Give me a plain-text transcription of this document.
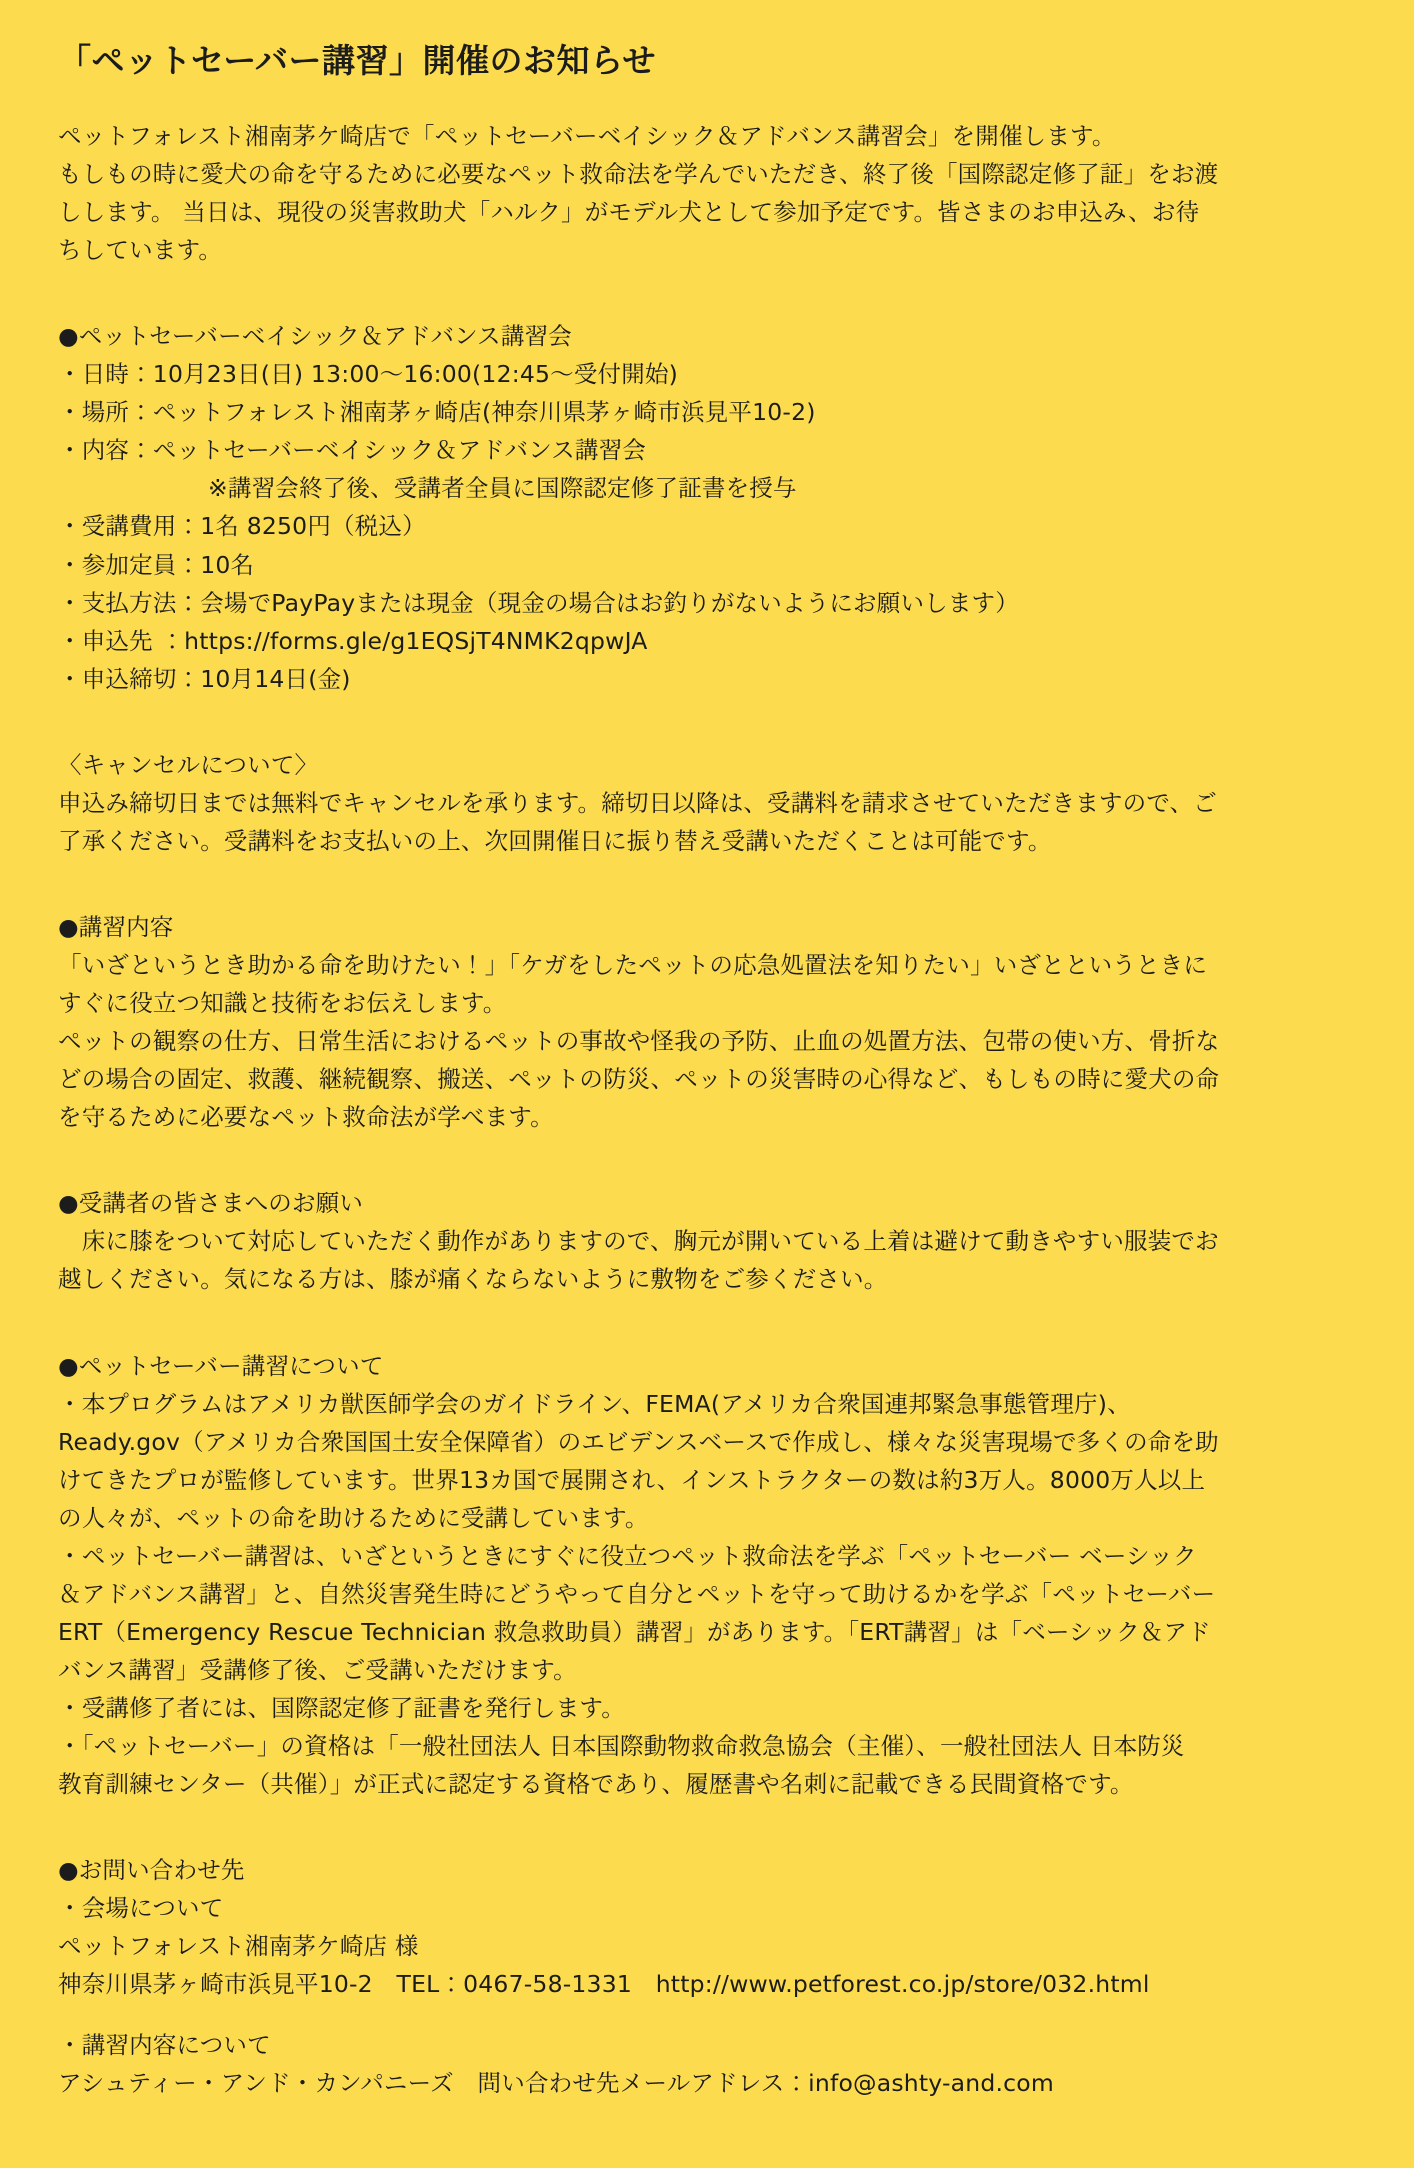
「ペットセーバー講習」開催のお知らせ

ペットフォレスト湘南茅ケ崎店で「ペットセーバーベイシック＆アドバンス講習会」を開催します。

もしもの時に愛犬の命を守るために必要なペット救命法を学んでいただき、終了後「国際認定修了証」をお渡

しします。 当日は、現役の災害救助犬「ハルク」がモデル犬として参加予定です。皆さまのお申込み、お待

ちしています。

●ペットセーバーベイシック＆アドバンス講習会

・日時：10月23日(日) 13:00〜16:00(12:45〜受付開始)

・場所：ペットフォレスト湘南茅ヶ崎店(神奈川県茅ヶ崎市浜見平10-2)

・内容：ペットセーバーベイシック＆アドバンス講習会

※講習会終了後、受講者全員に国際認定修了証書を授与

・受講費用：1名 8250円（税込）

・参加定員：10名

・支払方法：会場でPayPayまたは現金（現金の場合はお釣りがないようにお願いします）

・申込先 ：https://forms.gle/g1EQSjT4NMK2qpwJA

・申込締切：10月14日(金)

〈キャンセルについて〉

申込み締切日までは無料でキャンセルを承ります。締切日以降は、受講料を請求させていただきますので、ご

了承ください。受講料をお支払いの上、次回開催日に振り替え受講いただくことは可能です。

●講習内容

「いざというとき助かる命を助けたい！」「ケガをしたペットの応急処置法を知りたい」いざとというときに

すぐに役立つ知識と技術をお伝えします。

ペットの観察の仕方、日常生活におけるペットの事故や怪我の予防、止血の処置方法、包帯の使い方、骨折な

どの場合の固定、救護、継続観察、搬送、ペットの防災、ペットの災害時の心得など、もしもの時に愛犬の命

を守るために必要なペット救命法が学べます。

●受講者の皆さまへのお願い

　床に膝をついて対応していただく動作がありますので、胸元が開いている上着は避けて動きやすい服装でお

越しください。気になる方は、膝が痛くならないように敷物をご参ください。

●ペットセーバー講習について

・本プログラムはアメリカ獣医師学会のガイドライン、FEMA(アメリカ合衆国連邦緊急事態管理庁)、

Ready.gov（アメリカ合衆国国土安全保障省）のエビデンスベースで作成し、様々な災害現場で多くの命を助

けてきたプロが監修しています。世界13カ国で展開され、インストラクターの数は約3万人。8000万人以上

の人々が、ペットの命を助けるために受講しています。

・ペットセーバー講習は、いざというときにすぐに役立つペット救命法を学ぶ「ペットセーバー ベーシック

＆アドバンス講習」と、自然災害発生時にどうやって自分とペットを守って助けるかを学ぶ「ペットセーバー

ERT（Emergency Rescue Technician 救急救助員）講習」があります。「ERT講習」は「ベーシック＆アド

バンス講習」受講修了後、ご受講いただけます。

・受講修了者には、国際認定修了証書を発行します。

・「ペットセーバー」の資格は「一般社団法人 日本国際動物救命救急協会（主催）、一般社団法人 日本防災

教育訓練センター（共催）」が正式に認定する資格であり、履歴書や名刺に記載できる民間資格です。

●お問い合わせ先

・会場について

ペットフォレスト湘南茅ケ崎店 様

神奈川県茅ヶ崎市浜見平10-2　TEL：0467-58-1331　http://www.petforest.co.jp/store/032.html

・講習内容について

アシュティー・アンド・カンパニーズ　問い合わせ先メールアドレス：info@ashty-and.com
